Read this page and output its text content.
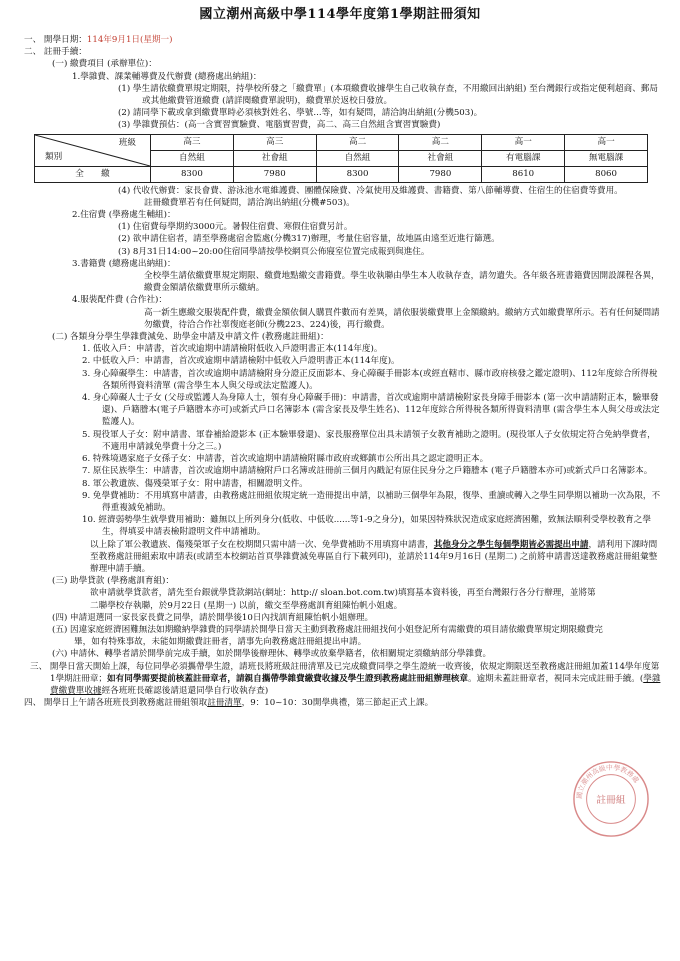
國立潮州高級中學114學年度第1學期註冊須知

一、 開學日期：114年9月1日(星期一)

二、 註冊手續：

(一) 繳費項目 (承辦單位)：

1.學雜費、課業輔導費及代辦費 (總務處出納組)：

(1) 學生請依繳費單規定期限，持學校所發之「繳費單」(本項繳費收據學生自己收執存查，不用繳回出納組) 至台灣銀行或指定便利超商、郵局或其他繳費管道繳費 (請詳閱繳費單說明)，繳費單於返校日發放。

(2) 請同學下載或拿到繳費單時必須核對姓名、學號...等，如有疑問，請洽詢出納組(分機503)。

(3) 學雜費預估：(高一含實習實驗費、電腦實習費，高二、高三自然組含實習實驗費)

班級
類別	高三	高三	高二	高二	高一	高一
	自然組	社會組	自然組	社會組	有電腦課	無電腦課
全　　繳	8300	7980	8300	7980	8610	8060

(4) 代收代辦費：家長會費、游泳池水電維護費、團體保險費、冷氣使用及維護費、書籍費、第八節輔導費、住宿生的住宿費等費用。

註冊繳費單若有任何疑問，請洽詢出納組(分機#503)。

2.住宿費 (學務處生輔組)：

(1) 住宿費每學期約3000元。暑假住宿費、寒假住宿費另計。

(2) 欲申請住宿者，請至學務處宿舍監處(分機317)辦理，考量住宿容量，故地區由遠至近進行篩選。

(3) 8月31日14:00~20:00住宿同學請按學校網頁公佈寢室位置完成報到與進住。

3.書籍費 (總務處出納組)：

全校學生請依繳費單規定期限、繳費地點繳交書籍費。學生收執聯由學生本人收執存查，請勿遺失。各年級各班書籍費因開設課程各異，繳費金額請依繳費單所示繳納。

4.服裝配件費 (合作社)：

高一新生應繳交服裝配件費，繳費金額依個人購買件數而有差異，請依服裝繳費單上金額繳納。繳納方式如繳費單所示。若有任何疑問請勿繳費，待洽合作社辜復庭老師(分機223、224)後，再行繳費。

(二) 各類身分學生學雜費減免、助學金申請及申請文件 (教務處註冊組)：

1. 低收入戶：申請書，首次或逾期申請請檢附低收入戶證明書正本(114年度)。

2. 中低收入戶：申請書，首次或逾期申請請檢附中低收入戶證明書正本(114年度)。

3. 身心障礙學生：申請書，首次或逾期申請請檢附身分證正反面影本、身心障礙手冊影本(或經直轄市、縣市政府核發之鑑定證明)、112年度綜合所得稅各類所得資料清單 (需含學生本人與父母或法定監護人)。

4. 身心障礙人士子女 (父母或監護人為身障人士，領有身心障礙手冊)：申請書，首次或逾期申請請檢附家長身障手冊影本 (第一次申請請附正本，驗畢發還)、戶籍謄本(電子戶籍謄本亦可)或新式戶口名簿影本 (需含家長及學生姓名)、112年度綜合所得稅各類所得資料清單 (需含學生本人與父母或法定監護人)。

5. 現役軍人子女：附申請書、軍眷補給證影本 (正本驗畢發還)、家長服務單位出具未請領子女教育補助之證明。(現役軍人子女依規定符合免納學費者，不適用申請減免學費十分之三。)

6. 特殊境遇家庭子女孫子女：申請書，首次或逾期申請請檢附縣市政府或鄉鎮市公所出具之認定證明正本。

7. 原住民族學生：申請書，首次或逾期申請請檢附戶口名簿或註冊前三個月內戳記有原住民身分之戶籍謄本 (電子戶籍謄本亦可)或新式戶口名簿影本。

8. 軍公教遺族、傷殘榮軍子女：附申請書，相關證明文件。

9. 免學費補助：不用填寫申請書，由教務處註冊組依規定統一造冊提出申請，以補助三個學年為限，復學、重讀或轉入之學生同學期以補助一次為限，不得重複減免補助。

10. 經濟弱勢學生就學費用補助：雖無以上所列身分(低收、中低收......等1-9之身分)，如果因特殊狀況造成家庭經濟困難，致無法順利受學校教育之學生，得填妥申請表檢附證明文件申請補助。

以上除了軍公教遺族、傷殘榮軍子女在校期間只需申請一次、免學費補助不用填寫申請書，其他身分之學生每個學期皆必需提出申請，請利用下課時間至教務處註冊組索取申請表(或請至本校網站首頁學雜費減免專區自行下載列印)，並請於114年9月16日 (星期二) 之前將申請書送達教務處註冊組彙整辦理申請手續。

(三) 助學貸款 (學務處訓育組)：

欲申請就學貸款者，請先至台銀就學貸款網站(網址：http:// sloan.bot.com.tw)填寫基本資料後，再至台灣銀行各分行辦理，並將第二聯學校存執聯，於9月22日 (星期一) 以前，繳交至學務處訓育組陳怡帆小姐處。

(四) 申請退選同一家長家長費之同學，請於開學後10日內找訓育組陳怡帆小姐辦理。

(五) 因違家庭經濟困難無法如期繳納學雜費的同學請於開學日當天主動到教務處註冊組找何小姐登記所有需繳費的項目請依繳費單規定期限繳費完畢，如有特殊事故，未能如期繳費註冊者，請事先向教務處註冊組提出申請。

(六) 申請休、轉學者請於開學前完成手續，如於開學後辦理休、轉學或放棄學籍者，依相關規定須繳納部分學雜費。

三、 開學日當天開始上課，每位同學必須攜帶學生證，請班長將班級註冊清單及已完成繳費同學之學生證統一收齊後，依規定期限送至教務處註冊組加蓋114學年度第1學期註冊章；如有同學需要提前核蓋註冊章者，請親自攜帶學雜費繳費收據及學生證到教務處註冊組辦理核章。逾期未蓋註冊章者，視同未完成註冊手續。(學雜費繳費單收據經各班班長確認後請退還同學自行收執存查)

四、 開學日上午請各班班長到教務處註冊組領取註冊清單，9：10~10：30開學典禮，第三節起正式上課。

國立潮州高級中學教務處
註冊組
